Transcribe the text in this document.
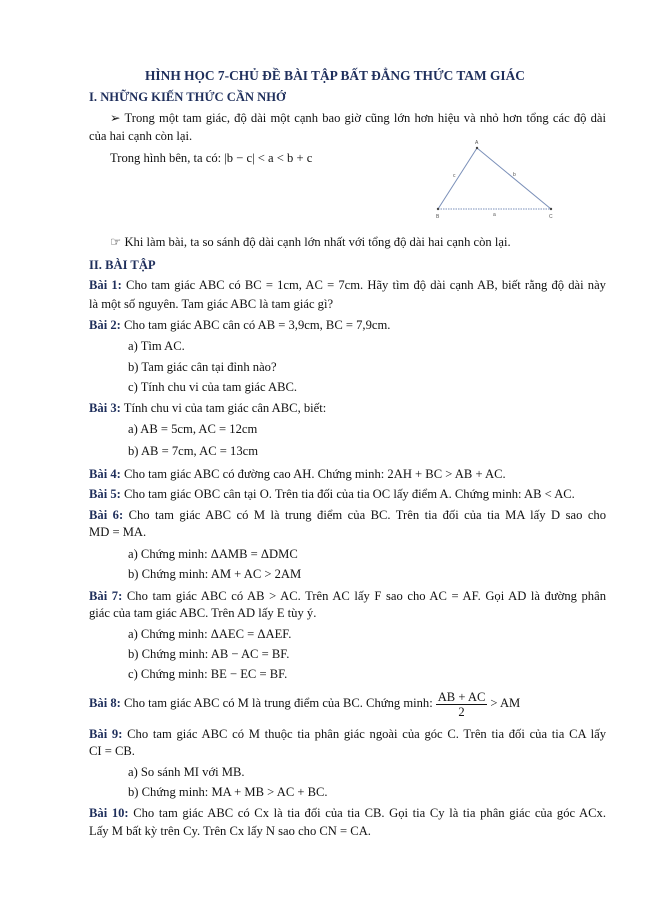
HÌNH HỌC 7-CHỦ ĐỀ BÀI TẬP BẤT ĐẲNG THỨC TAM GIÁC
I. NHỮNG KIẾN THỨC CẦN NHỚ
➢ Trong một tam giác, độ dài một cạnh bao giờ cũng lớn hơn hiệu và nhỏ hơn tổng các độ dài
của hai cạnh còn lại.
Trong hình bên, ta có: |b − c| < a < b + c
A
B	C
a
b
c
☞ Khi làm bài, ta so sánh độ dài cạnh lớn nhất với tổng độ dài hai cạnh còn lại.
II. BÀI TẬP
Bài 1: Cho tam giác ABC có BC = 1cm, AC = 7cm. Hãy tìm độ dài cạnh AB, biết rằng độ dài này
là một số nguyên. Tam giác ABC là tam giác gì?
Bài 2: Cho tam giác ABC cân có AB = 3,9cm, BC = 7,9cm.
a) Tìm AC.
b) Tam giác cân tại đỉnh nào?
c) Tính chu vi của tam giác ABC.
Bài 3: Tính chu vi của tam giác cân ABC, biết:
a) AB = 5cm, AC = 12cm
b) AB = 7cm, AC = 13cm
Bài 4: Cho tam giác ABC có đường cao AH. Chứng minh: 2AH + BC > AB + AC.
Bài 5: Cho tam giác OBC cân tại O. Trên tia đối của tia OC lấy điểm A. Chứng minh: AB < AC.
Bài 6: Cho tam giác ABC có M là trung điểm của BC. Trên tia đối của tia MA lấy D sao cho
MD = MA.
a) Chứng minh: ΔAMB = ΔDMC
b) Chứng minh: AM + AC > 2AM
Bài 7: Cho tam giác ABC có AB > AC. Trên AC lấy F sao cho AC = AF. Gọi AD là đường phân
giác của tam giác ABC. Trên AD lấy E tùy ý.
a) Chứng minh: ΔAEC = ΔAEF.
b) Chứng minh: AB − AC = BF.
c) Chứng minh: BE − EC = BF.
Bài 8: Cho tam giác ABC có M là trung điểm của BC. Chứng minh: $\frac{AB + AC}{2}$ > AM
Bài 9: Cho tam giác ABC có M thuộc tia phân giác ngoài của góc C. Trên tia đối của tia CA lấy
CI = CB.
a) So sánh MI với MB.
b) Chứng minh: MA + MB > AC + BC.
Bài 10: Cho tam giác ABC có Cx là tia đối của tia CB. Gọi tia Cy là tia phân giác của góc ACx.
Lấy M bất kỳ trên Cy. Trên Cx lấy N sao cho CN = CA.
